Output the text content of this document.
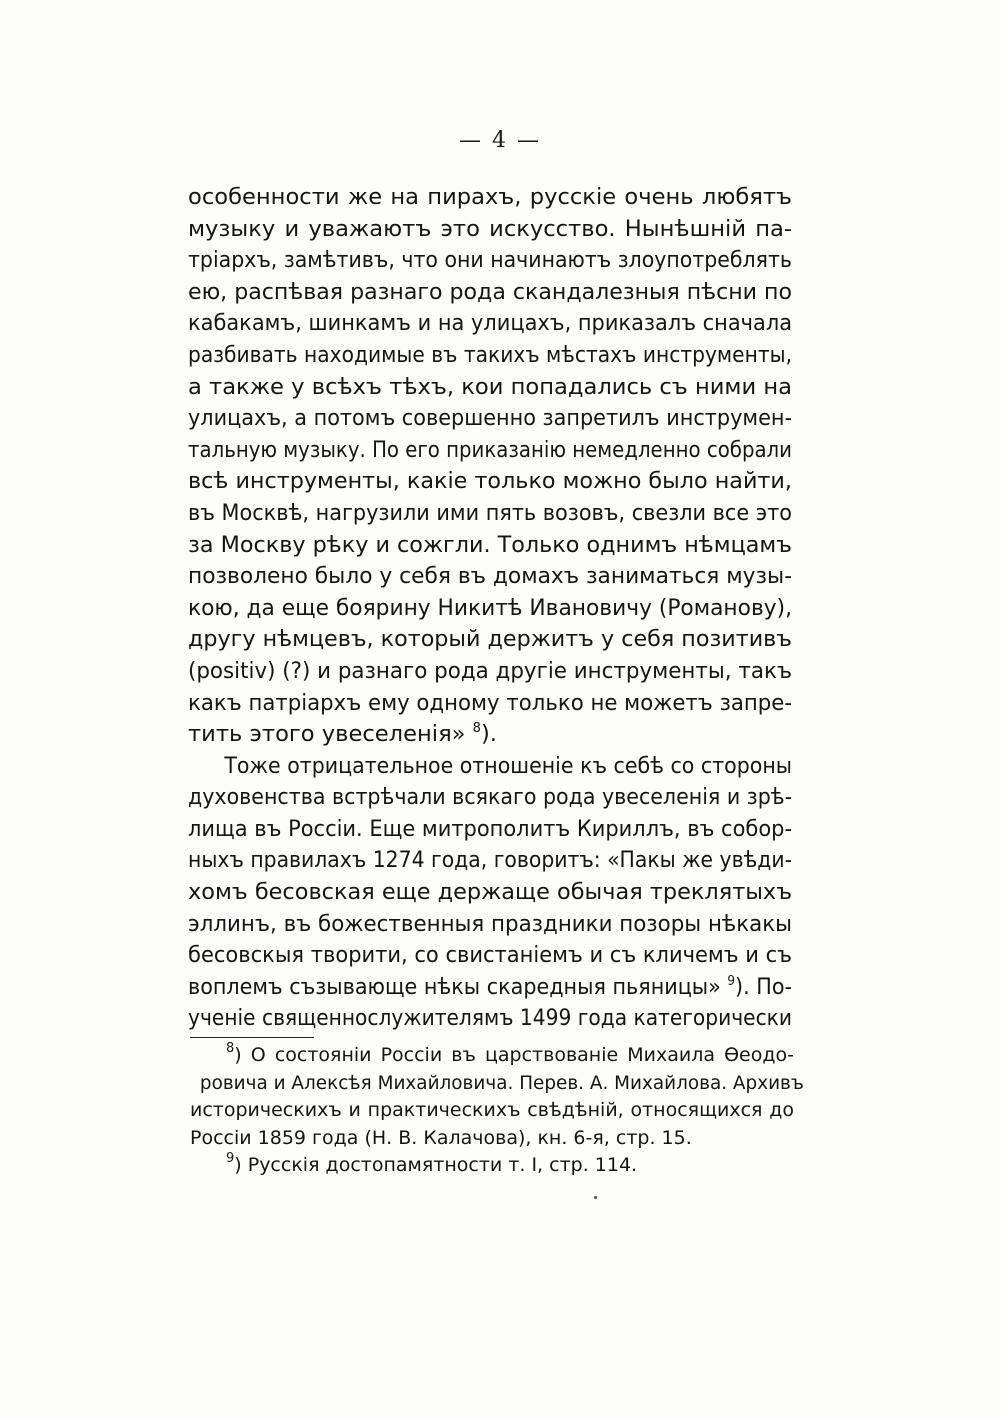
— 4 —
особенности же на пирахъ, русскіе очень любятъ
музыку и уважаютъ это искусство. Нынѣшній па-
тріархъ, замѣтивъ, что они начинаютъ злоупотреблять
ею, распѣвая разнаго рода скандалезныя пѣсни по
кабакамъ, шинкамъ и на улицахъ, приказалъ сначала
разбивать находимые въ такихъ мѣстахъ инструменты,
а также у всѣхъ тѣхъ, кои попадались съ ними на
улицахъ, а потомъ совершенно запретилъ инструмен-
тальную музыку. По его приказанію немедленно собрали
всѣ инструменты, какіе только можно было найти,
въ Москвѣ, нагрузили ими пять возовъ, свезли все это
за Москву рѣку и сожгли. Только однимъ нѣмцамъ
позволено было у себя въ домахъ заниматься музы-
кою, да еще боярину Никитѣ Ивановичу (Романову),
другу нѣмцевъ, который держитъ у себя позитивъ
(positiv) (?) и разнаго рода другіе инструменты, такъ
какъ патріархъ ему одному только не можетъ запре-
тить этого увеселенія» $^8$).
Тоже отрицательное отношеніе къ себѣ со стороны
духовенства встрѣчали всякаго рода увеселенія и зрѣ-
лища въ Россіи. Еще митрополитъ Кириллъ, въ собор-
ныхъ правилахъ 1274 года, говоритъ: «Пакы же увѣди-
хомъ бесовская еще держаще обычая треклятыхъ
эллинъ, въ божественныя праздники позоры нѣкакы
бесовскыя творити, со свистаніемъ и съ кличемъ и съ
воплемъ съзывающе нѣкы скаредныя пьяницы» $^9$). По-
ученіе священнослужителямъ 1499 года категорически
$^8$) О состояніи Россіи въ царствованіе Михаила Ѳеодо-
ровича и Алексѣя Михайловича. Перев. А. Михайлова. Архивъ
историческихъ и практическихъ свѣдѣній, относящихся до
Россіи 1859 года (Н. В. Калачова), кн. 6-я, стр. 15.
$^9$) Русскія достопамятности т. I, стр. 114.
